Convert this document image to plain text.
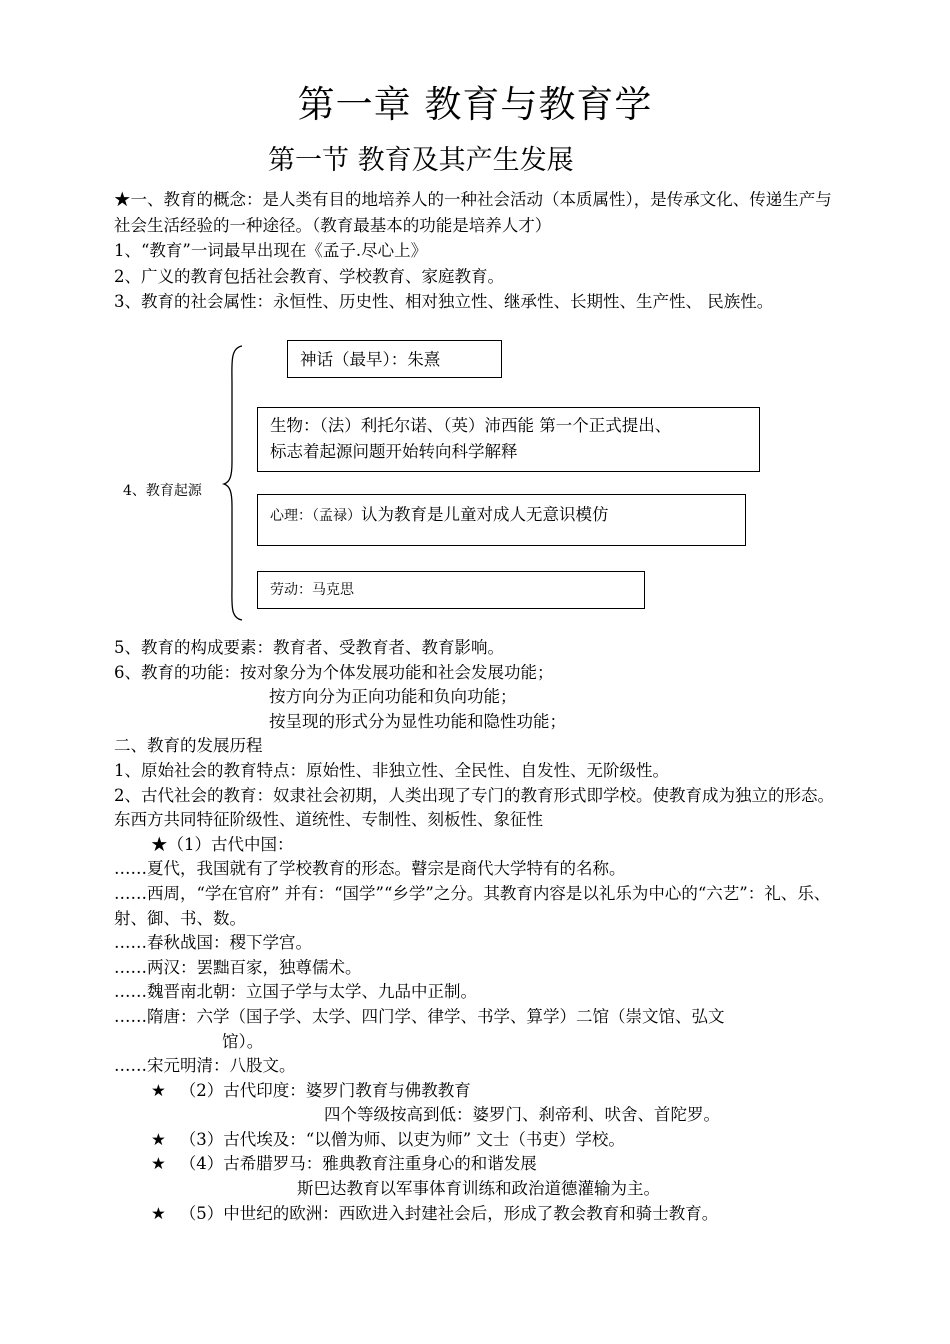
第一章 教育与教育学
第一节 教育及其产生发展

★一、教育的概念：是人类有目的地培养人的一种社会活动（本质属性），是传承文化、传递生产与社会生活经验的一种途径。（教育最基本的功能是培养人才）

1、“教育”一词最早出现在《孟子.尽心上》

2、广义的教育包括社会教育、学校教育、家庭教育。

3、教育的社会属性：永恒性、历史性、相对独立性、继承性、长期性、生产性、 民族性。

4、教育起源
神话（最早）：朱熹
生物：（法）利托尔诺、（英）沛西能 第一个正式提出、
标志着起源问题开始转向科学解释
心理：（孟禄）认为教育是儿童对成人无意识模仿
劳动：马克思

5、教育的构成要素：教育者、受教育者、教育影响。

6、教育的功能：按对象分为个体发展功能和社会发展功能；

按方向分为正向功能和负向功能；

按呈现的形式分为显性功能和隐性功能；

二、教育的发展历程

1、原始社会的教育特点：原始性、非独立性、全民性、自发性、无阶级性。

2、古代社会的教育：奴隶社会初期，人类出现了专门的教育形式即学校。使教育成为独立的形态。东西方共同特征阶级性、道统性、专制性、刻板性、象征性

★（1）古代中国：

……夏代，我国就有了学校教育的形态。瞽宗是商代大学特有的名称。

……西周，“学在官府” 并有：“国学”“乡学”之分。其教育内容是以礼乐为中心的“六艺”：礼、乐、射、御、书、数。

……春秋战国：稷下学宫。

……两汉：罢黜百家，独尊儒术。

……魏晋南北朝：立国子学与太学、九品中正制。

……隋唐：六学（国子学、太学、四门学、律学、书学、算学）二馆（崇文馆、弘文

馆）。

……宋元明清：八股文。

★ （2）古代印度：婆罗门教育与佛教教育

四个等级按高到低：婆罗门、刹帝利、吠舍、首陀罗。

★ （3）古代埃及：“以僧为师、以吏为师” 文士（书吏）学校。

★ （4）古希腊罗马：雅典教育注重身心的和谐发展

斯巴达教育以军事体育训练和政治道德灌输为主。

★ （5）中世纪的欧洲：西欧进入封建社会后，形成了教会教育和骑士教育。
